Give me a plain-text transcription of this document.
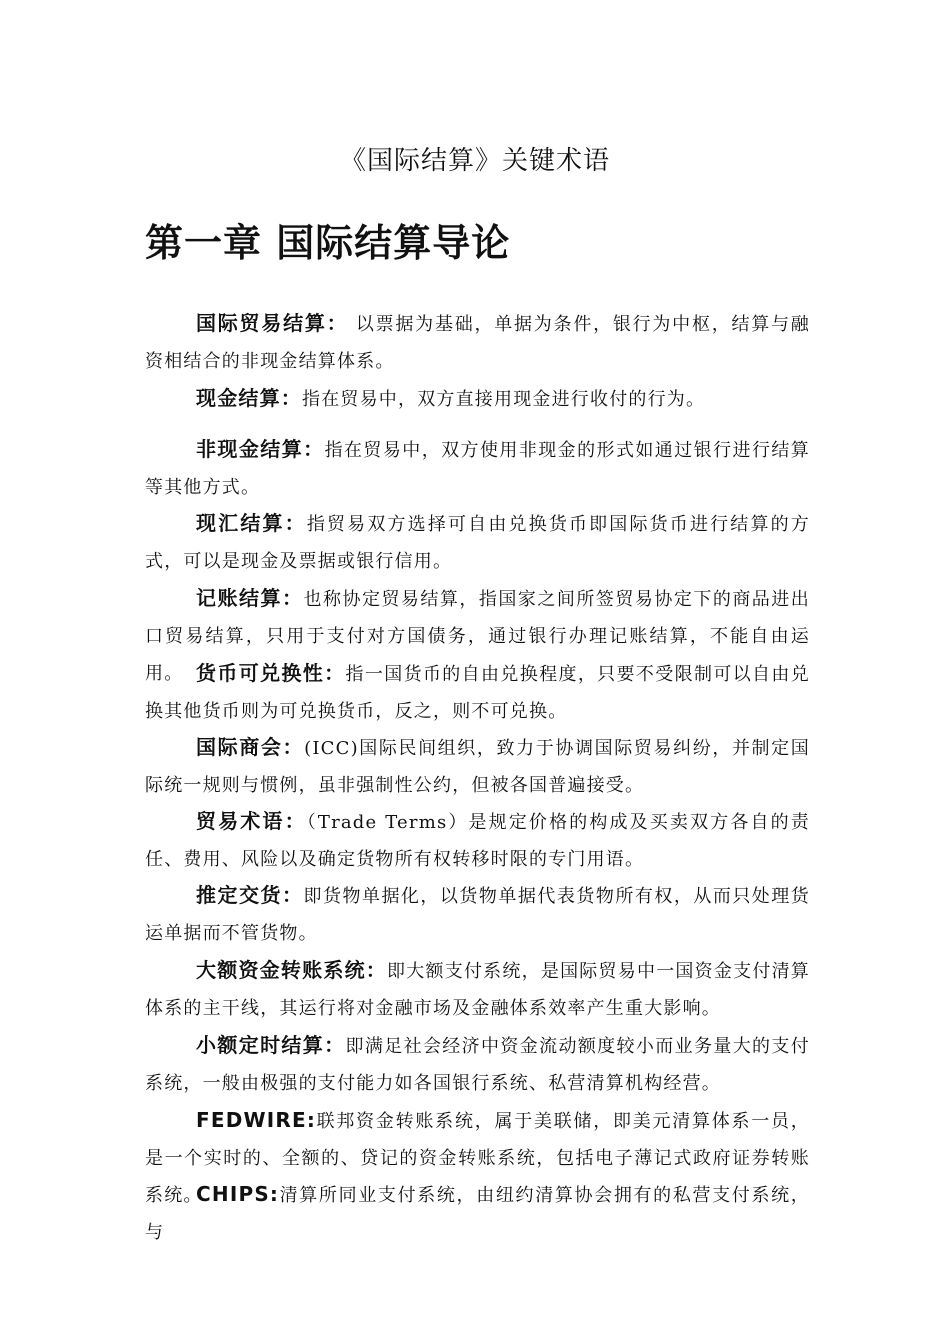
《国际结算》关键术语
第一章 国际结算导论

国际贸易结算： 以票据为基础，单据为条件，银行为中枢，结算与融资相结合的非现金结算体系。

现金结算：指在贸易中，双方直接用现金进行收付的行为。

非现金结算：指在贸易中，双方使用非现金的形式如通过银行进行结算等其他方式。

现汇结算：指贸易双方选择可自由兑换货币即国际货币进行结算的方式，可以是现金及票据或银行信用。

记账结算：也称协定贸易结算，指国家之间所签贸易协定下的商品进出口贸易结算，只用于支付对方国债务，通过银行办理记账结算，不能自由运用。 货币可兑换性：指一国货币的自由兑换程度，只要不受限制可以自由兑换其他货币则为可兑换货币，反之，则不可兑换。

国际商会：(ICC)国际民间组织，致力于协调国际贸易纠纷，并制定国际统一规则与惯例，虽非强制性公约，但被各国普遍接受。

贸易术语：（Trade Terms）是规定价格的构成及买卖双方各自的责任、费用、风险以及确定货物所有权转移时限的专门用语。

推定交货：即货物单据化，以货物单据代表货物所有权，从而只处理货运单据而不管货物。

大额资金转账系统：即大额支付系统，是国际贸易中一国资金支付清算体系的主干线，其运行将对金融市场及金融体系效率产生重大影响。

小额定时结算：即满足社会经济中资金流动额度较小而业务量大的支付系统，一般由极强的支付能力如各国银行系统、私营清算机构经营。

FEDWIRE:联邦资金转账系统，属于美联储，即美元清算体系一员，是一个实时的、全额的、贷记的资金转账系统，包括电子薄记式政府证券转账系统。

CHIPS:清算所同业支付系统，由纽约清算协会拥有的私营支付系统，与
